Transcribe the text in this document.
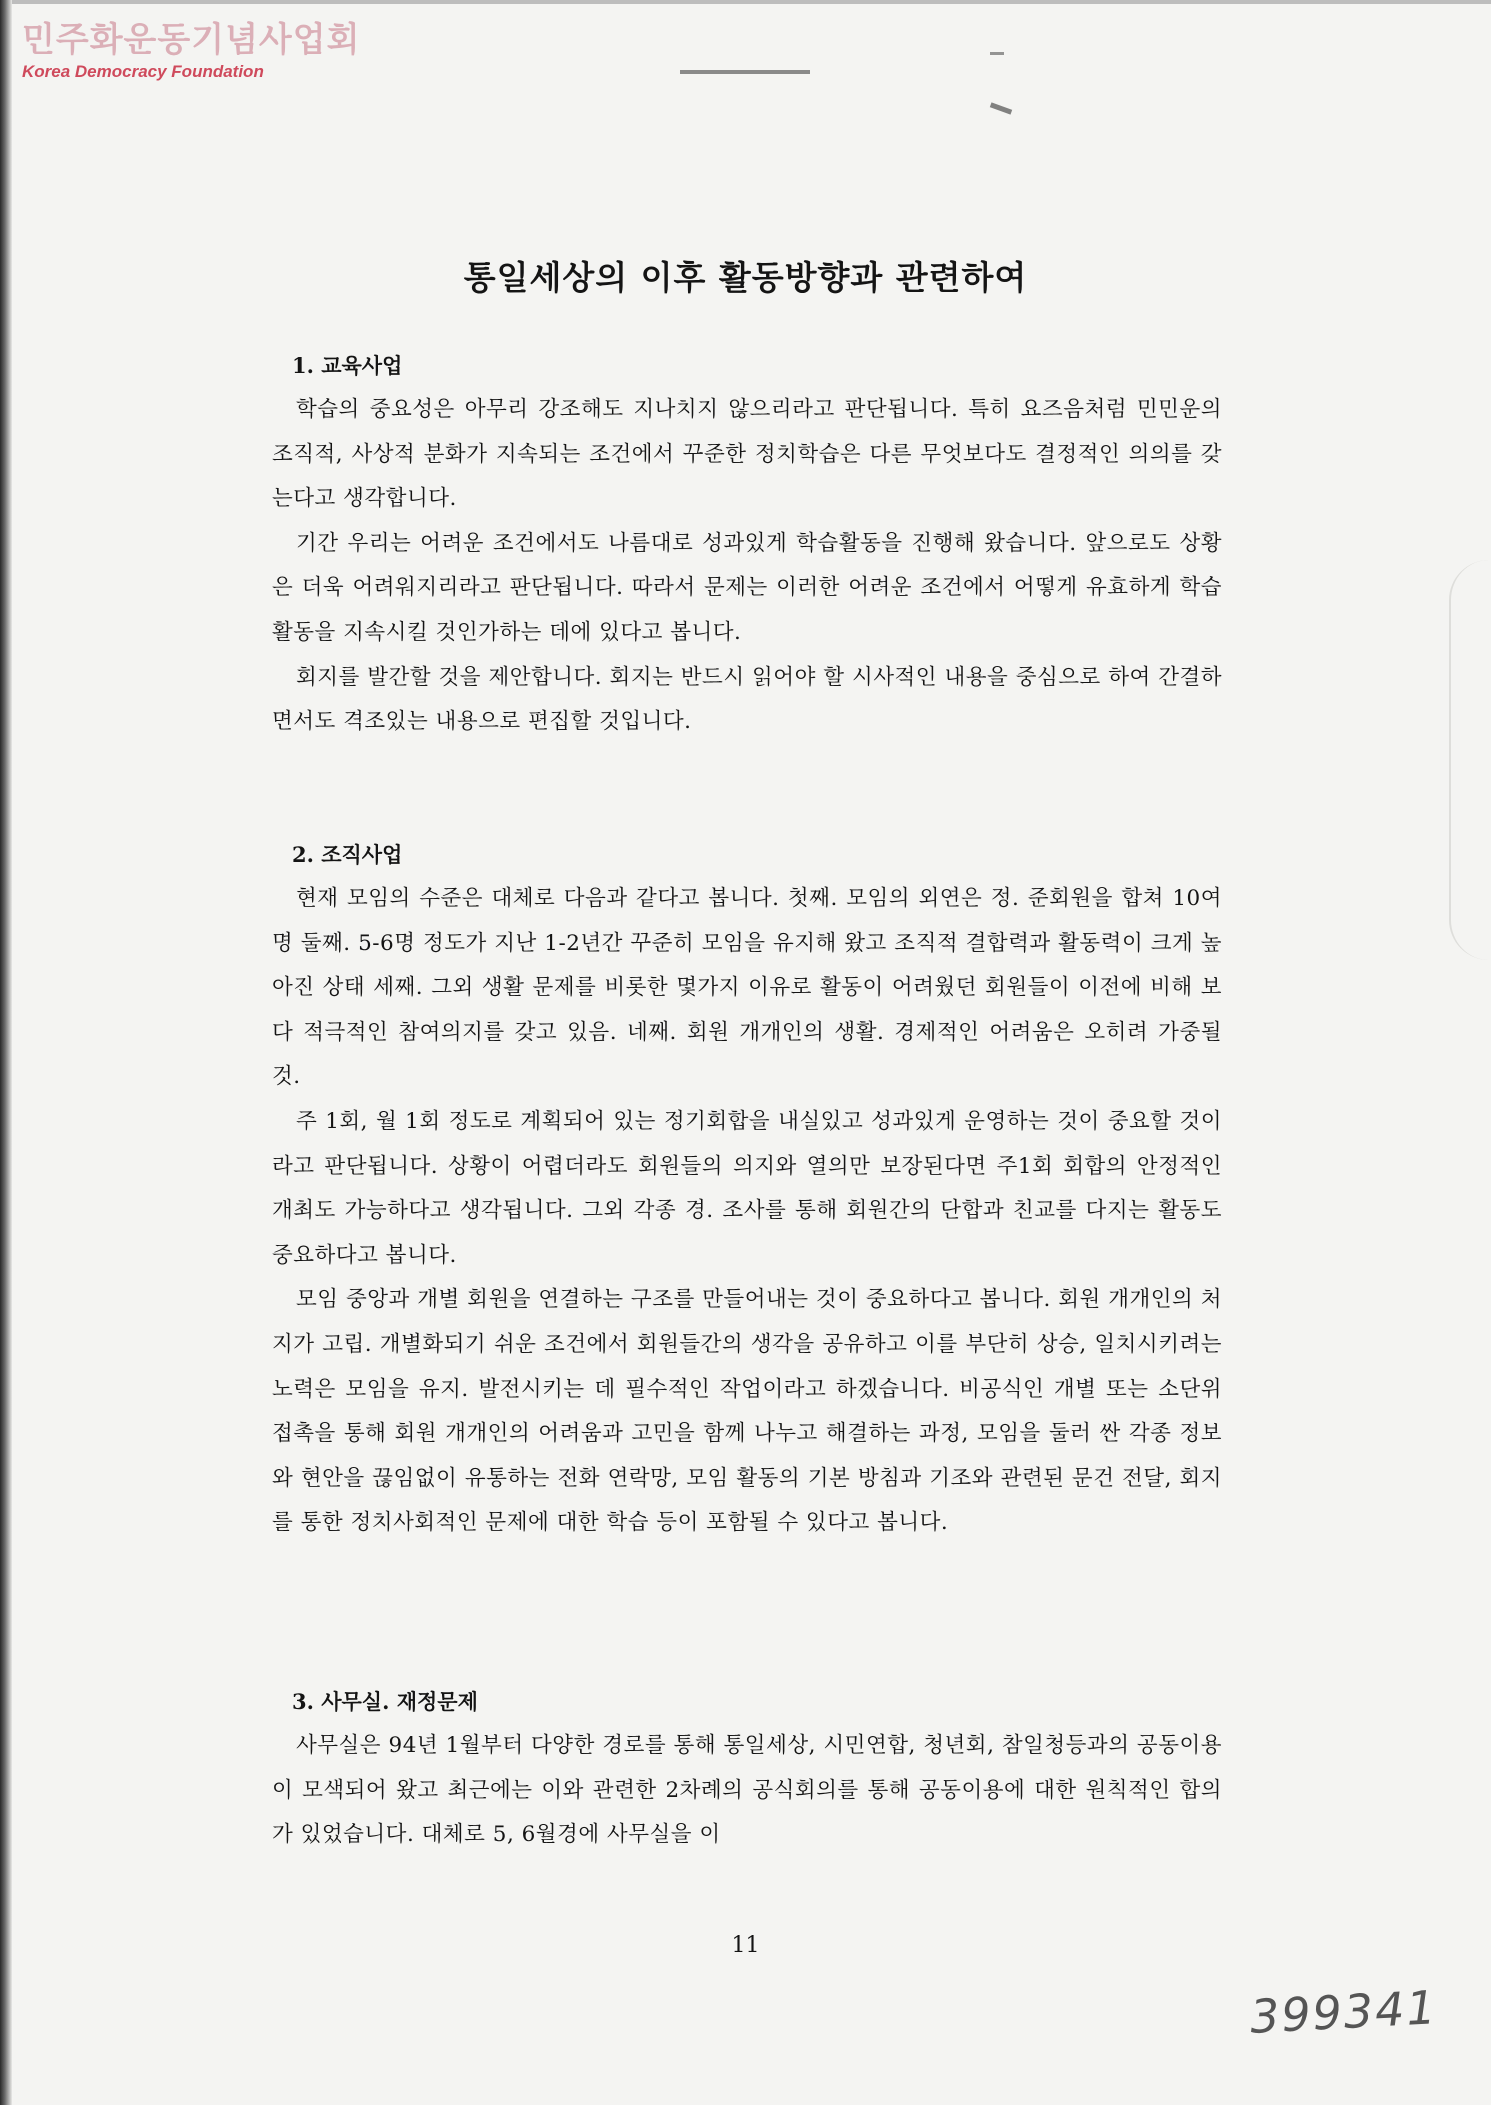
민주화운동기념사업회
Korea Democracy Foundation
통일세상의 이후 활동방향과 관련하여
1. 교육사업
학습의 중요성은 아무리 강조해도 지나치지 않으리라고 판단됩니다. 특히 요즈음처럼 민민운의 조직적, 사상적 분화가 지속되는 조건에서 꾸준한 정치학습은 다른 무엇보다도 결정적인 의의를 갖는다고 생각합니다.
기간 우리는 어려운 조건에서도 나름대로 성과있게 학습활동을 진행해 왔습니다. 앞으로도 상황은 더욱 어려워지리라고 판단됩니다. 따라서 문제는 이러한 어려운 조건에서 어떻게 유효하게 학습활동을 지속시킬 것인가하는 데에 있다고 봅니다.
회지를 발간할 것을 제안합니다. 회지는 반드시 읽어야 할 시사적인 내용을 중심으로 하여 간결하면서도 격조있는 내용으로 편집할 것입니다.
2. 조직사업
현재 모임의 수준은 대체로 다음과 같다고 봅니다. 첫째. 모임의 외연은 정. 준회원을 합쳐 10여 명 둘째. 5-6명 정도가 지난 1-2년간 꾸준히 모임을 유지해 왔고 조직적 결합력과 활동력이 크게 높아진 상태 세째. 그외 생활 문제를 비롯한 몇가지 이유로 활동이 어려웠던 회원들이 이전에 비해 보다 적극적인 참여의지를 갖고 있음. 네째. 회원 개개인의 생활. 경제적인 어려움은 오히려 가중될 것.
주 1회, 월 1회 정도로 계획되어 있는 정기회합을 내실있고 성과있게 운영하는 것이 중요할 것이라고 판단됩니다. 상황이 어렵더라도 회원들의 의지와 열의만 보장된다면 주1회 회합의 안정적인 개최도 가능하다고 생각됩니다. 그외 각종 경. 조사를 통해 회원간의 단합과 친교를 다지는 활동도 중요하다고 봅니다.
모임 중앙과 개별 회원을 연결하는 구조를 만들어내는 것이 중요하다고 봅니다. 회원 개개인의 처지가 고립. 개별화되기 쉬운 조건에서 회원들간의 생각을 공유하고 이를 부단히 상승, 일치시키려는 노력은 모임을 유지. 발전시키는 데 필수적인 작업이라고 하겠습니다. 비공식인 개별 또는 소단위 접촉을 통해 회원 개개인의 어려움과 고민을 함께 나누고 해결하는 과정, 모임을 둘러 싼 각종 정보와 현안을 끊임없이 유통하는 전화 연락망, 모임 활동의 기본 방침과 기조와 관련된 문건 전달, 회지를 통한 정치사회적인 문제에 대한 학습 등이 포함될 수 있다고 봅니다.
3. 사무실. 재정문제
사무실은 94년 1월부터 다양한 경로를 통해 통일세상, 시민연합, 청년회, 참일청등과의 공동이용이 모색되어 왔고 최근에는 이와 관련한 2차례의 공식회의를 통해 공동이용에 대한 원칙적인 합의가 있었습니다. 대체로 5, 6월경에 사무실을 이
11
399341
